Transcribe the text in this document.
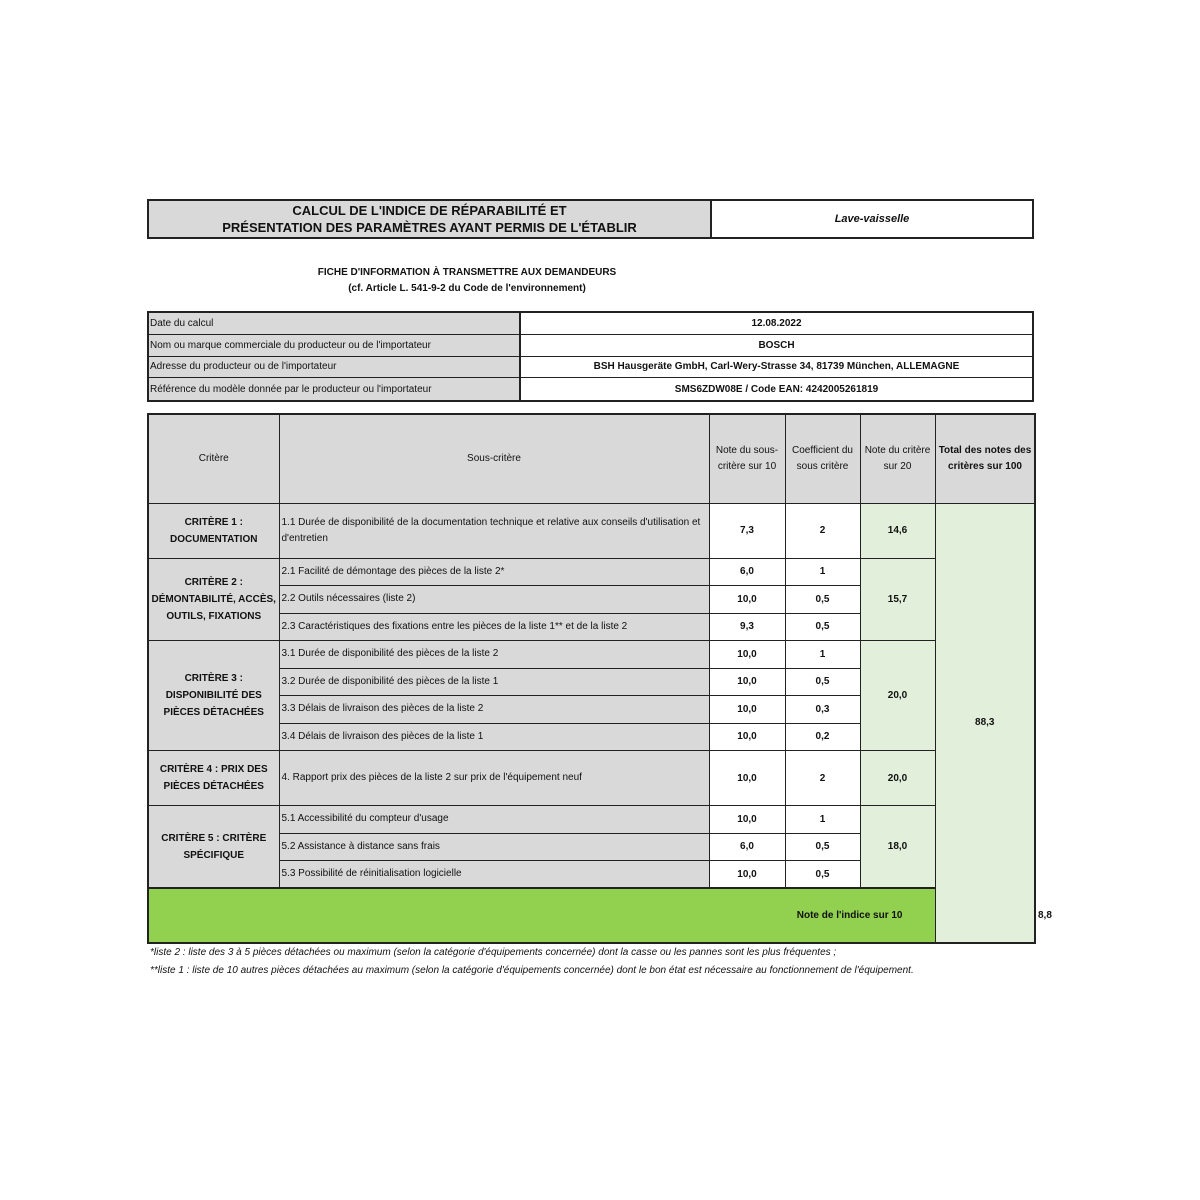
CALCUL DE L'INDICE DE RÉPARABILITÉ ET
PRÉSENTATION DES PARAMÈTRES AYANT PERMIS DE L'ÉTABLIR
Lave-vaisselle
FICHE D'INFORMATION À TRANSMETTRE AUX DEMANDEURS
(cf. Article L. 541-9-2 du Code de l'environnement)
Date du calcul	12.08.2022
Nom ou marque commerciale du producteur ou de l'importateur	BOSCH
Adresse du producteur ou de l'importateur	BSH Hausgeräte GmbH, Carl-Wery-Strasse 34, 81739 München, ALLEMAGNE
Référence du modèle donnée par le producteur ou l'importateur	SMS6ZDW08E / Code EAN: 4242005261819
Critère	Sous-critère	Note du sous-critère sur 10	Coefficient du sous critère	Note du critère sur 20	Total des notes des critères sur 100	
CRITÈRE 1 : DOCUMENTATION	1.1 Durée de disponibilité de la documentation technique et relative aux conseils d'utilisation et d'entretien	7,3	2	14,6	88,3	
CRITÈRE 2 : DÉMONTABILITÉ, ACCÈS, OUTILS, FIXATIONS	2.1 Facilité de démontage des pièces de la liste 2*	6,0	1	15,7		
	2.2 Outils nécessaires (liste 2)	10,0	0,5			
	2.3 Caractéristiques des fixations entre les pièces de la liste 1** et de la liste 2	9,3	0,5			
CRITÈRE 3 : DISPONIBILITÉ DES PIÈCES DÉTACHÉES	3.1 Durée de disponibilité des pièces de la liste 2	10,0	1	20,0		
	3.2 Durée de disponibilité des pièces de la liste 1	10,0	0,5			
	3.3 Délais de livraison des pièces de la liste 2	10,0	0,3			
	3.4 Délais de livraison des pièces de la liste 1	10,0	0,2			
CRITÈRE 4 : PRIX DES PIÈCES DÉTACHÉES	4. Rapport prix des pièces de la liste 2 sur prix de l'équipement neuf	10,0	2	20,0		
CRITÈRE 5 : CRITÈRE SPÉCIFIQUE	5.1 Accessibilité du compteur d'usage	10,0	1	18,0		
	5.2 Assistance à distance sans frais	6,0	0,5			
	5.3 Possibilité de réinitialisation logicielle	10,0	0,5			
Note de l'indice sur 10						8,8
*liste 2 : liste des 3 à 5 pièces détachées ou maximum (selon la catégorie d'équipements concernée) dont la casse ou les pannes sont les plus fréquentes ;
**liste 1 : liste de 10 autres pièces détachées au maximum (selon la catégorie d'équipements concernée) dont le bon état est nécessaire au fonctionnement de l'équipement.
